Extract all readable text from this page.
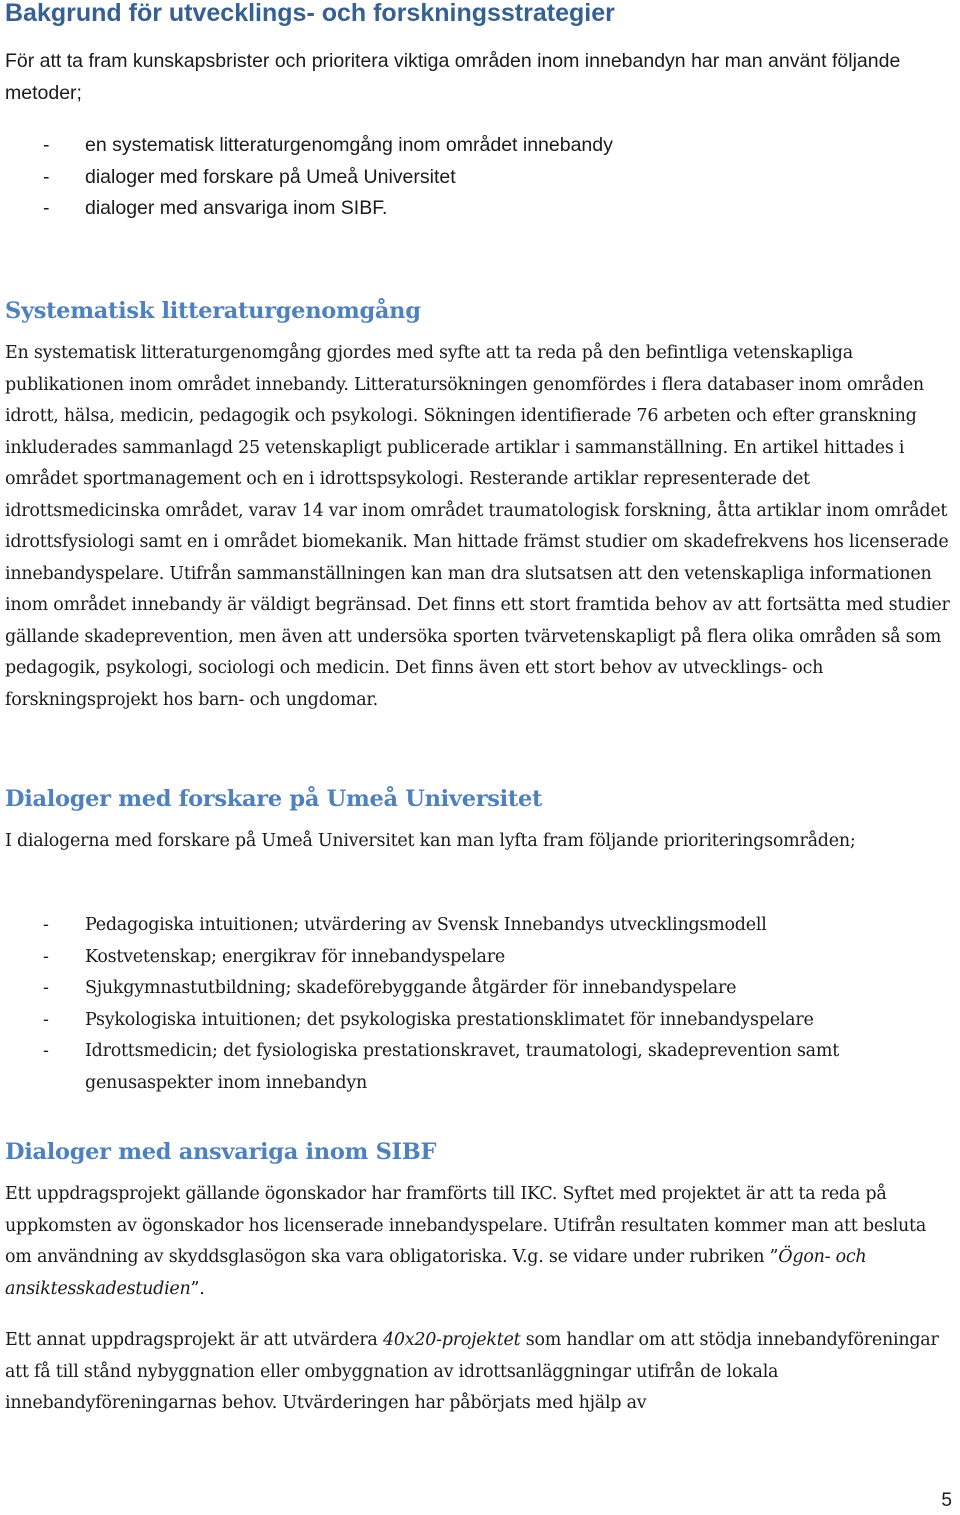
Bakgrund för utvecklings- och forskningsstrategier

För att ta fram kunskapsbrister och prioritera viktiga områden inom innebandyn har man använt följande metoder;

- en systematisk litteraturgenomgång inom området innebandy
- dialoger med forskare på Umeå Universitet
- dialoger med ansvariga inom SIBF.
Systematisk litteraturgenomgång

En systematisk litteraturgenomgång gjordes med syfte att ta reda på den befintliga vetenskapliga publikationen inom området innebandy. Litteratursökningen genomfördes i flera databaser inom områden idrott, hälsa, medicin, pedagogik och psykologi. Sökningen identifierade 76 arbeten och efter granskning inkluderades sammanlagd 25 vetenskapligt publicerade artiklar i sammanställning. En artikel hittades i området sportmanagement och en i idrottspsykologi. Resterande artiklar representerade det idrottsmedicinska området, varav 14 var inom området traumatologisk forskning, åtta artiklar inom området idrottsfysiologi samt en i området biomekanik. Man hittade främst studier om skadefrekvens hos licenserade innebandyspelare. Utifrån sammanställningen kan man dra slutsatsen att den vetenskapliga informationen inom området innebandy är väldigt begränsad. Det finns ett stort framtida behov av att fortsätta med studier gällande skadeprevention, men även att undersöka sporten tvärvetenskapligt på flera olika områden så som pedagogik, psykologi, sociologi och medicin. Det finns även ett stort behov av utvecklings- och forskningsprojekt hos barn- och ungdomar.

Dialoger med forskare på Umeå Universitet

I dialogerna med forskare på Umeå Universitet kan man lyfta fram följande prioriteringsområden;

- Pedagogiska intuitionen; utvärdering av Svensk Innebandys utvecklingsmodell
- Kostvetenskap; energikrav för innebandyspelare
- Sjukgymnastutbildning; skadeförebyggande åtgärder för innebandyspelare
- Psykologiska intuitionen; det psykologiska prestationsklimatet för innebandyspelare
- Idrottsmedicin; det fysiologiska prestationskravet, traumatologi, skadeprevention samt genusaspekter inom innebandyn
Dialoger med ansvariga inom SIBF

Ett uppdragsprojekt gällande ögonskador har framförts till IKC. Syftet med projektet är att ta reda på uppkomsten av ögonskador hos licenserade innebandyspelare. Utifrån resultaten kommer man att besluta om användning av skyddsglasögon ska vara obligatoriska. V.g. se vidare under rubriken ”Ögon- och ansiktesskadestudien”.

Ett annat uppdragsprojekt är att utvärdera 40x20-projektet som handlar om att stödja innebandyföreningar att få till stånd nybyggnation eller ombyggnation av idrottsanläggningar utifrån de lokala innebandyföreningarnas behov. Utvärderingen har påbörjats med hjälp av

5
